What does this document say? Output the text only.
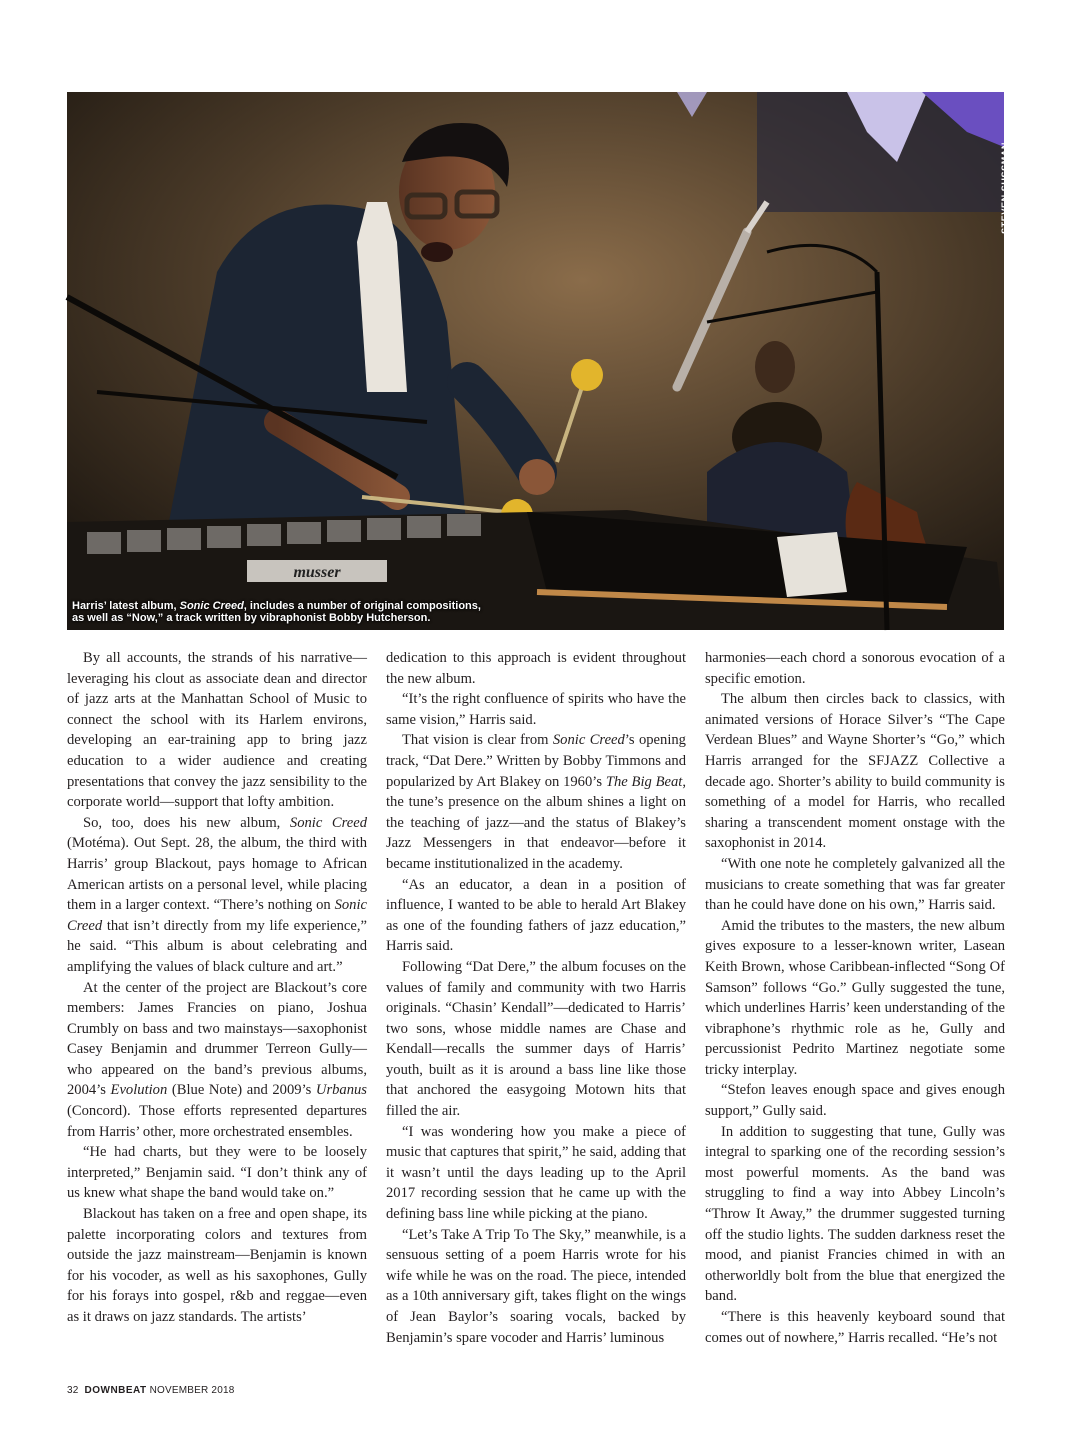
musser
STEVEN SUSSMAN
Harris’ latest album, Sonic Creed, includes a number of original compositions, as well as “Now,” a track written by vibraphonist Bobby Hutcherson.

By all accounts, the strands of his narrative—leveraging his clout as associate dean and director of jazz arts at the Manhattan School of Music to connect the school with its Harlem environs, developing an ear-training app to bring jazz education to a wider audience and creating presentations that convey the jazz sensibility to the corporate world—support that lofty ambition.

So, too, does his new album, Sonic Creed (Motéma). Out Sept. 28, the album, the third with Harris’ group Blackout, pays homage to African American artists on a personal level, while placing them in a larger context. “There’s nothing on Sonic Creed that isn’t directly from my life experience,” he said. “This album is about celebrating and amplifying the values of black culture and art.”

At the center of the project are Blackout’s core members: James Francies on piano, Joshua Crumbly on bass and two mainstays—saxophonist Casey Benjamin and drummer Terreon Gully—who appeared on the band’s previous albums, 2004’s Evolution (Blue Note) and 2009’s Urbanus (Concord). Those efforts represented departures from Harris’ other, more orchestrated ensembles.

“He had charts, but they were to be loosely interpreted,” Benjamin said. “I don’t think any of us knew what shape the band would take on.”

Blackout has taken on a free and open shape, its palette incorporating colors and textures from outside the jazz mainstream—Benjamin is known for his vocoder, as well as his saxophones, Gully for his forays into gospel, r&b and reggae—even as it draws on jazz standards. The artists’

dedication to this approach is evident throughout the new album.

“It’s the right confluence of spirits who have the same vision,” Harris said.

That vision is clear from Sonic Creed’s opening track, “Dat Dere.” Written by Bobby Timmons and popularized by Art Blakey on 1960’s The Big Beat, the tune’s presence on the album shines a light on the teaching of jazz—and the status of Blakey’s Jazz Messengers in that endeavor—before it became institutionalized in the academy.

“As an educator, a dean in a position of influence, I wanted to be able to herald Art Blakey as one of the founding fathers of jazz education,” Harris said.

Following “Dat Dere,” the album focuses on the values of family and community with two Harris originals. “Chasin’ Kendall”—dedicated to Harris’ two sons, whose middle names are Chase and Kendall—recalls the summer days of Harris’ youth, built as it is around a bass line like those that anchored the easygoing Motown hits that filled the air.

“I was wondering how you make a piece of music that captures that spirit,” he said, adding that it wasn’t until the days leading up to the April 2017 recording session that he came up with the defining bass line while picking at the piano.

“Let’s Take A Trip To The Sky,” meanwhile, is a sensuous setting of a poem Harris wrote for his wife while he was on the road. The piece, intended as a 10th anniversary gift, takes flight on the wings of Jean Baylor’s soaring vocals, backed by Benjamin’s spare vocoder and Harris’ luminous

harmonies—each chord a sonorous evocation of a specific emotion.

The album then circles back to classics, with animated versions of Horace Silver’s “The Cape Verdean Blues” and Wayne Shorter’s “Go,” which Harris arranged for the SFJAZZ Collective a decade ago. Shorter’s ability to build community is something of a model for Harris, who recalled sharing a transcendent moment onstage with the saxophonist in 2014.

“With one note he completely galvanized all the musicians to create something that was far greater than he could have done on his own,” Harris said.

Amid the tributes to the masters, the new album gives exposure to a lesser-known writer, Lasean Keith Brown, whose Caribbean-inflected “Song Of Samson” follows “Go.” Gully suggested the tune, which underlines Harris’ keen understanding of the vibraphone’s rhythmic role as he, Gully and percussionist Pedrito Martinez negotiate some tricky interplay.

“Stefon leaves enough space and gives enough support,” Gully said.

In addition to suggesting that tune, Gully was integral to sparking one of the recording session’s most powerful moments. As the band was struggling to find a way into Abbey Lincoln’s “Throw It Away,” the drummer suggested turning off the studio lights. The sudden darkness reset the mood, and pianist Francies chimed in with an otherworldly bolt from the blue that energized the band.

“There is this heavenly keyboard sound that comes out of nowhere,” Harris recalled. “He’s not

32 DOWNBEAT NOVEMBER 2018
